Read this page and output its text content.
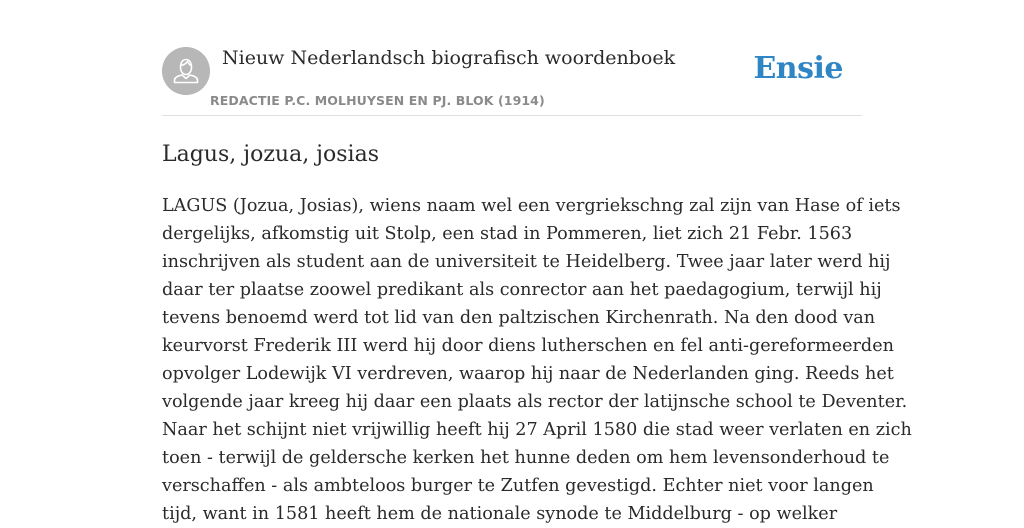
Nieuw Nederlandsch biografisch woordenboek
REDACTIE P.C. MOLHUYSEN EN PJ. BLOK (1914)
Ensie
Lagus, jozua, josias
LAGUS (Jozua, Josias), wiens naam wel een vergriekschng zal zijn van Hase of iets
dergelijks, afkomstig uit Stolp, een stad in Pommeren, liet zich 21 Febr. 1563
inschrijven als student aan de universiteit te Heidelberg. Twee jaar later werd hij
daar ter plaatse zoowel predikant als conrector aan het paedagogium, terwijl hij
tevens benoemd werd tot lid van den paltzischen Kirchenrath. Na den dood van
keurvorst Frederik III werd hij door diens lutherschen en fel anti-gereformeerden
opvolger Lodewijk VI verdreven, waarop hij naar de Nederlanden ging. Reeds het
volgende jaar kreeg hij daar een plaats als rector der latijnsche school te Deventer.
Naar het schijnt niet vrijwillig heeft hij 27 April 1580 die stad weer verlaten en zich
toen - terwijl de geldersche kerken het hunne deden om hem levensonderhoud te
verschaffen - als ambteloos burger te Zutfen gevestigd. Echter niet voor langen
tijd, want in 1581 heeft hem de nationale synode te Middelburg - op welker
